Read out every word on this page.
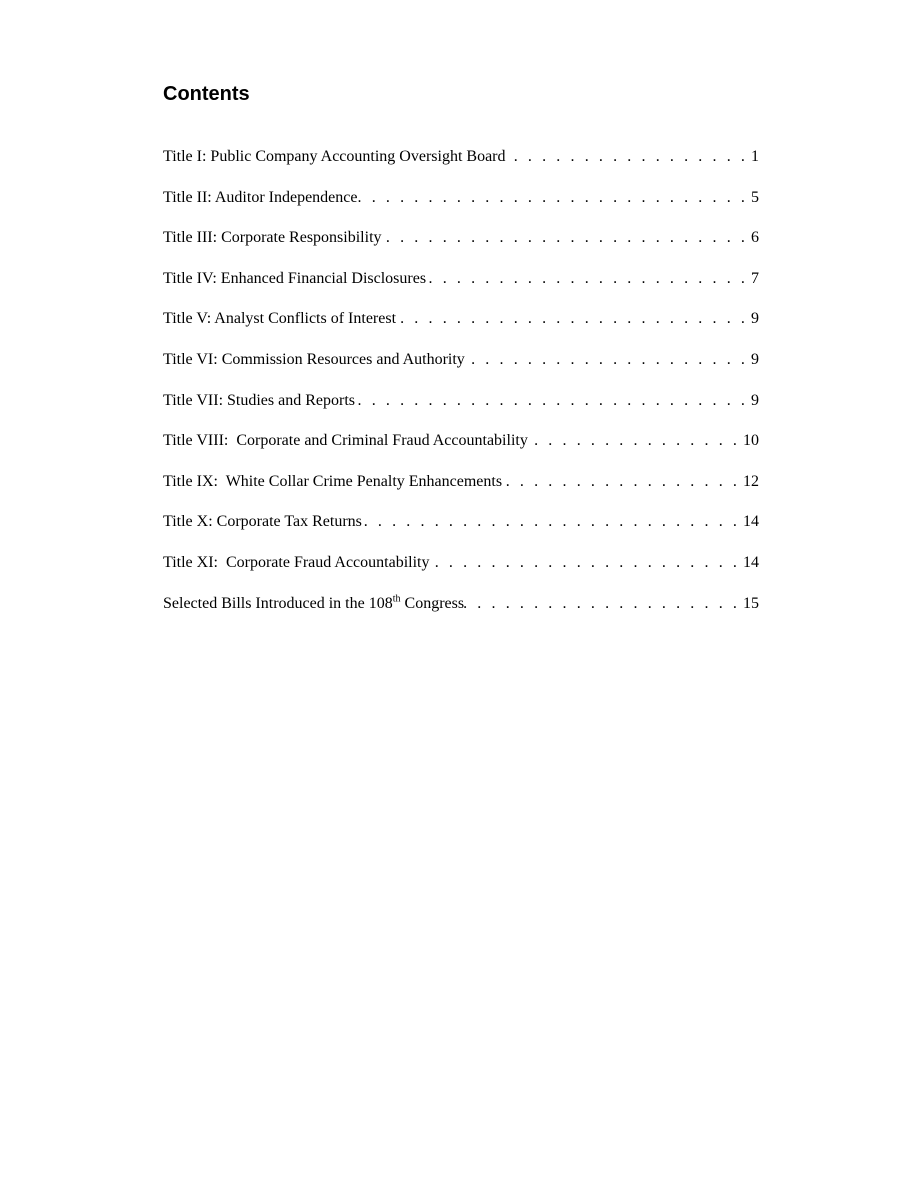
Contents
Title I: Public Company Accounting Oversight Board . . .	1
Title II: Auditor Independence . . .	5
Title III: Corporate Responsibility . . .	6
Title IV: Enhanced Financial Disclosures . . .	7
Title V: Analyst Conflicts of Interest . . .	9
Title VI: Commission Resources and Authority . . .	9
Title VII: Studies and Reports . . .	9
Title VIII:  Corporate and Criminal Fraud Accountability . . .	10
Title IX:  White Collar Crime Penalty Enhancements . . .	12
Title X: Corporate Tax Returns . . .	14
Title XI:  Corporate Fraud Accountability . . .	14
Selected Bills Introduced in the 108th Congress . . .	15
